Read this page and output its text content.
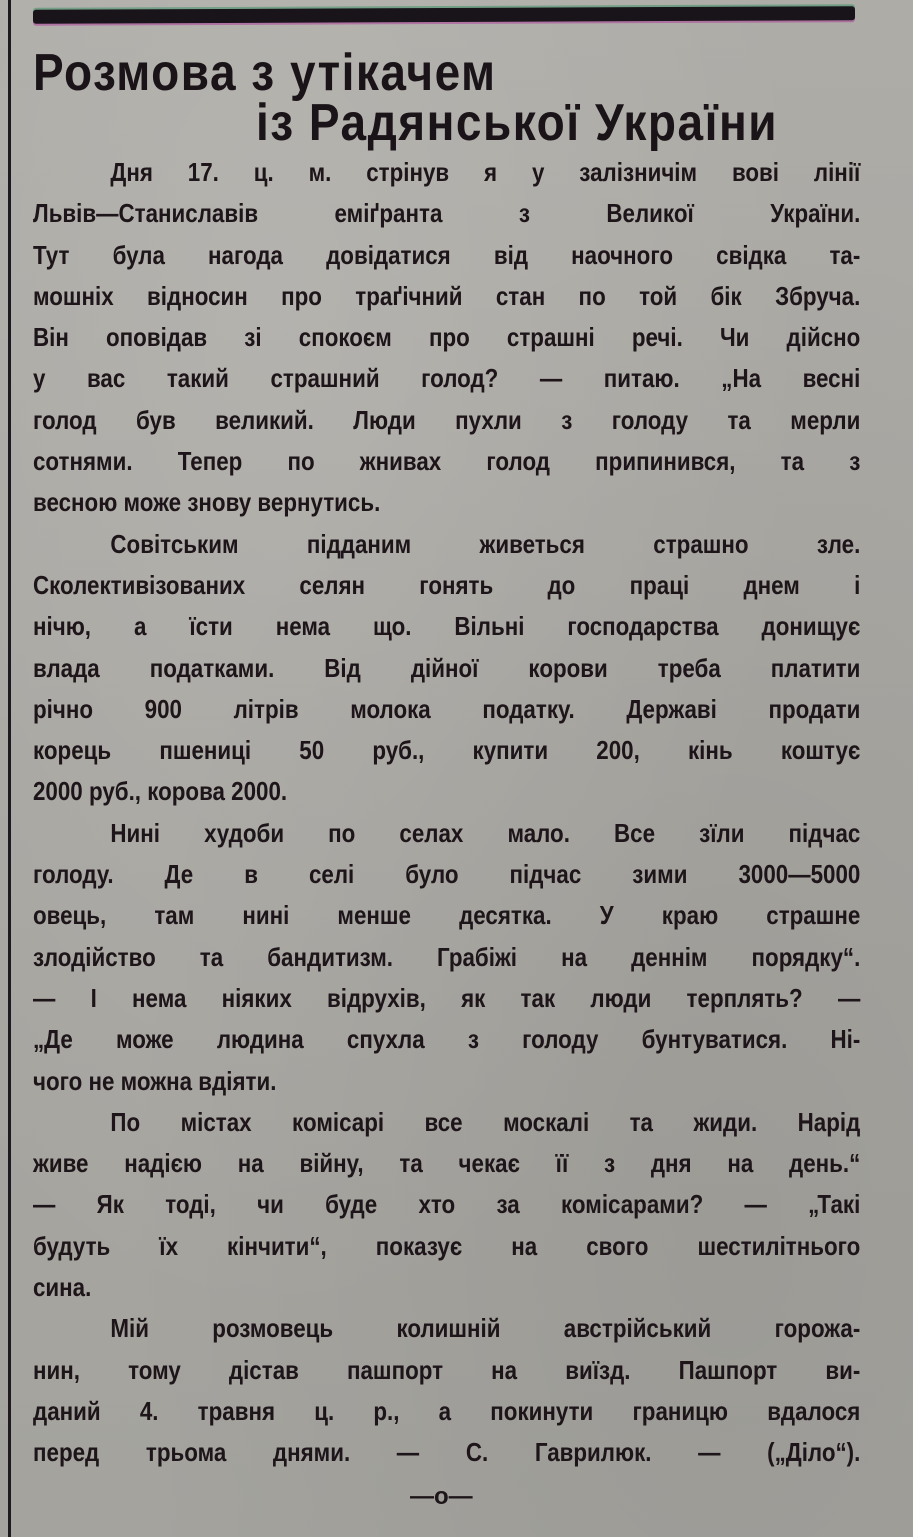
Розмова з утікачем
із Радянської України
Дня 17. ц. м. стрінув я у залізничім вові лінії
Львів—Станиславів еміґранта з Великої України.
Тут була нагода довідатися від наочного свідка та-
мошніх відносин про траґічний стан по той бік Збруча.
Він оповідав зі спокоєм про страшні речі. Чи дійсно
у вас такий страшний голод? — питаю. „На весні
голод був великий. Люди пухли з голоду та мерли
сотнями. Тепер по жнивах голод припинився, та з
весною може знову вернутись.
Совітським підданим живеться страшно зле.
Сколективізованих селян гонять до праці днем і
нічю, а їсти нема що. Вільні господарства донищує
влада податками. Від дійної корови треба платити
річно 900 літрів молока податку. Державі продати
корець пшениці 50 руб., купити 200, кінь коштує
2000 руб., корова 2000.
Нині худоби по селах мало. Все зїли підчас
голоду. Де в селі було підчас зими 3000—5000
овець, там нині менше десятка. У краю страшне
злодійство та бандитизм. Грабіжі на деннім порядку“.
— І нема ніяких відрухів, як так люди терплять? —
„Де може людина спухла з голоду бунтуватися. Ні-
чого не можна вдіяти.
По містах комісарі все москалі та жиди. Нарід
живе надією на війну, та чекає її з дня на день.“
— Як тоді, чи буде хто за комісарами? — „Такі
будуть їх кінчити“, показує на свого шестилітнього
сина.
Мій розмовець колишній австрійський горожа-
нин, тому дістав пашпорт на виїзд. Пашпорт ви-
даний 4. травня ц. р., а покинути границю вдалося
перед трьома днями. — С. Гаврилюк. — („Діло“).
—о—
